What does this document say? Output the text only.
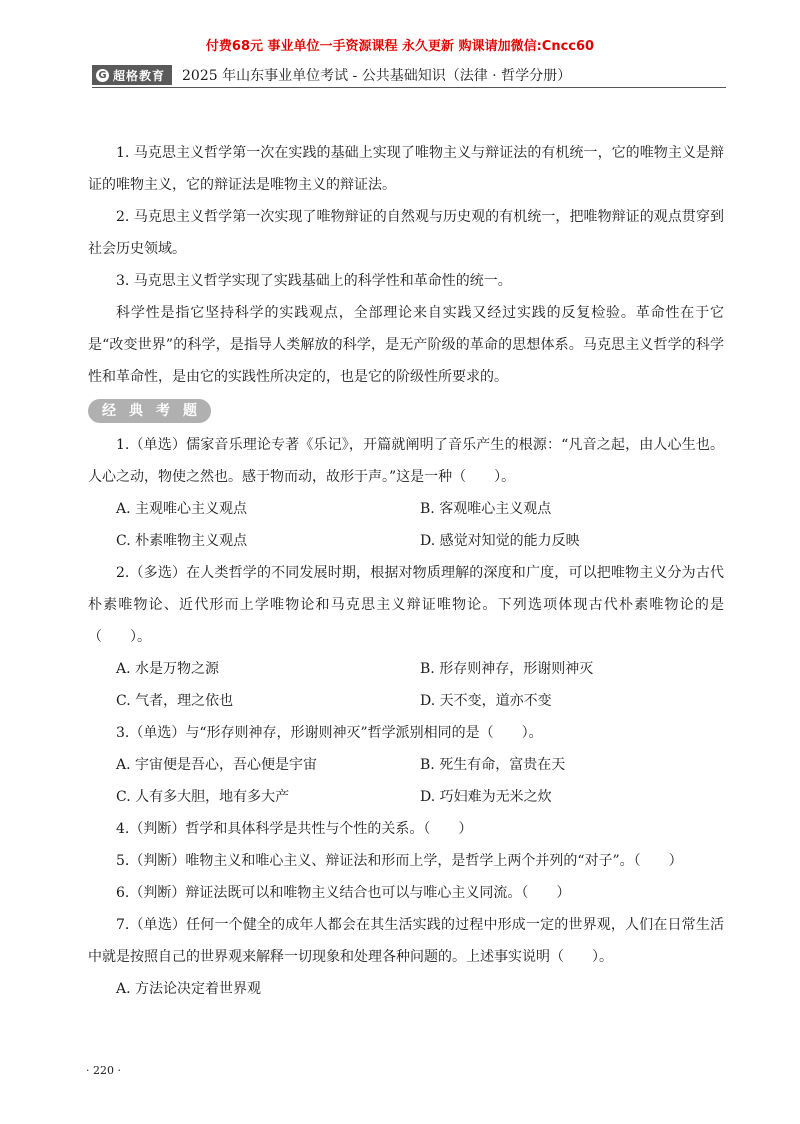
付费68元 事业单位一手资源课程 永久更新 购课请加微信:Cncc60
G 超格教育 2025 年山东事业单位考试 - 公共基础知识（法律 · 哲学分册）

1. 马克思主义哲学第一次在实践的基础上实现了唯物主义与辩证法的有机统一，它的唯物主义是辩证的唯物主义，它的辩证法是唯物主义的辩证法。

2. 马克思主义哲学第一次实现了唯物辩证的自然观与历史观的有机统一，把唯物辩证的观点贯穿到社会历史领域。

3. 马克思主义哲学实现了实践基础上的科学性和革命性的统一。

科学性是指它坚持科学的实践观点，全部理论来自实践又经过实践的反复检验。革命性在于它是“改变世界”的科学，是指导人类解放的科学，是无产阶级的革命的思想体系。马克思主义哲学的科学性和革命性，是由它的实践性所决定的，也是它的阶级性所要求的。

经 典 考 题

1.（单选）儒家音乐理论专著《乐记》，开篇就阐明了音乐产生的根源：“凡音之起，由人心生也。人心之动，物使之然也。感于物而动，故形于声。”这是一种（　　）。

A. 主观唯心主义观点	B. 客观唯心主义观点
C. 朴素唯物主义观点	D. 感觉对知觉的能力反映

2.（多选）在人类哲学的不同发展时期，根据对物质理解的深度和广度，可以把唯物主义分为古代朴素唯物论、近代形而上学唯物论和马克思主义辩证唯物论。下列选项体现古代朴素唯物论的是（　　）。

A. 水是万物之源	B. 形存则神存，形谢则神灭
C. 气者，理之依也	D. 天不变，道亦不变

3.（单选）与“形存则神存，形谢则神灭”哲学派别相同的是（　　）。

A. 宇宙便是吾心，吾心便是宇宙	B. 死生有命，富贵在天
C. 人有多大胆，地有多大产	D. 巧妇难为无米之炊

4.（判断）哲学和具体科学是共性与个性的关系。（　　）

5.（判断）唯物主义和唯心主义、辩证法和形而上学，是哲学上两个并列的“对子”。（　　）

6.（判断）辩证法既可以和唯物主义结合也可以与唯心主义同流。（　　）

7.（单选）任何一个健全的成年人都会在其生活实践的过程中形成一定的世界观，人们在日常生活中就是按照自己的世界观来解释一切现象和处理各种问题的。上述事实说明（　　）。

A. 方法论决定着世界观
· 220 ·
